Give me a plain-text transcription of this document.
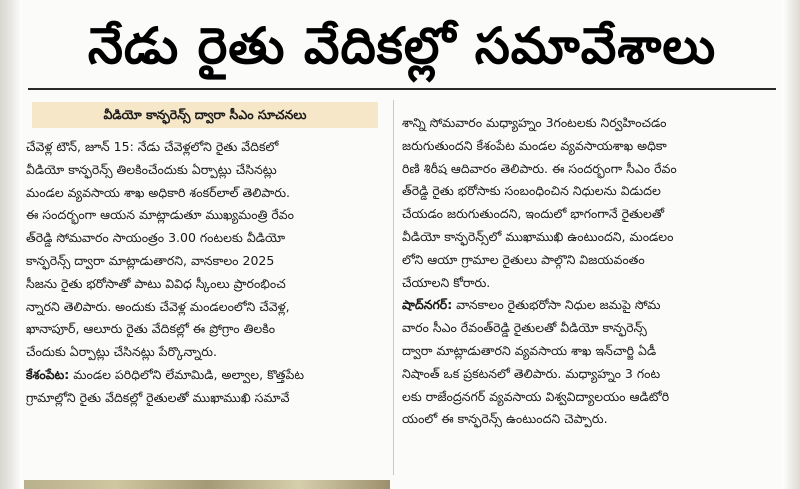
నేడు రైతు వేదికల్లో సమావేశాలు
వీడియో కాన్ఫరెన్స్ ద్వారా సీఎం సూచనలు
చేవెళ్ల టౌన్, జూన్ 15: నేడు చేవెళ్లలోని రైతు వేదికలో
వీడియో కాన్ఫరెన్స్ తిలకించేందుకు ఏర్పాట్లు చేసినట్లు
మండల వ్యవసాయ శాఖ అధికారి శంకర్‌లాల్ తెలిపారు.
ఈ సందర్భంగా ఆయన మాట్లాడుతూ ముఖ్యమంత్రి రేవం
త్‌రెడ్డి సోమవారం సాయంత్రం 3.00 గంటలకు వీడియో
కాన్ఫరెన్స్ ద్వారా మాట్లాడుతారని, వానకాలం 2025
సీజను రైతు భరోసాతో పాటు వివిధ స్కీంలు ప్రారంభించ
న్నారని తెలిపారు. అందుకు చేవెళ్ల మండలంలోని చేవెళ్ల,
ఖానాపూర్, ఆలూరు రైతు వేదికల్లో ఈ ప్రోగ్రాం తిలకిం
చేందుకు ఏర్పాట్లు చేసినట్లు పేర్కొన్నారు.
కేశంపేట: మండల పరిధిలోని లేమామిడి, అల్వాల, కొత్తపేట
గ్రామాల్లోని రైతు వేదికల్లో రైతులతో ముఖాముఖి సమావే
శాన్ని సోమవారం మధ్యాహ్నం 3గంటలకు నిర్వహించడం
జరుగుతుందని కేశంపేట మండల వ్యవసాయశాఖ అధికా
రిణి శిరీష ఆదివారం తెలిపారు. ఈ సందర్భంగా సీఎం రేవం
త్‌రెడ్డి రైతు భరోసాకు సంబంధించిన నిధులను విడుదల
చేయడం జరుగుతుందని, ఇందులో భాగంగానే రైతులతో
వీడియో కాన్ఫరెన్స్‌లో ముఖాముఖి ఉంటుందని, మండలం
లోని ఆయా గ్రామాల రైతులు పాల్గొని విజయవంతం
చేయాలని కోరారు.
షాద్‌నగర్: వానకాలం రైతుభరోసా నిధుల జమపై సోమ
వారం సీఎం రేవంత్‌రెడ్డి రైతులతో వీడియో కాన్ఫరెన్స్
ద్వారా మాట్లాడుతారని వ్యవసాయ శాఖ ఇన్‌చార్జి ఏడీ
నిషాంత్ ఒక ప్రకటనలో తెలిపారు. మధ్యాహ్నం 3 గంట
లకు రాజేంద్రనగర్ వ్యవసాయ విశ్వవిద్యాలయం ఆడిటోరి
యంలో ఈ కాన్ఫరెన్స్ ఉంటుందని చెప్పారు.
